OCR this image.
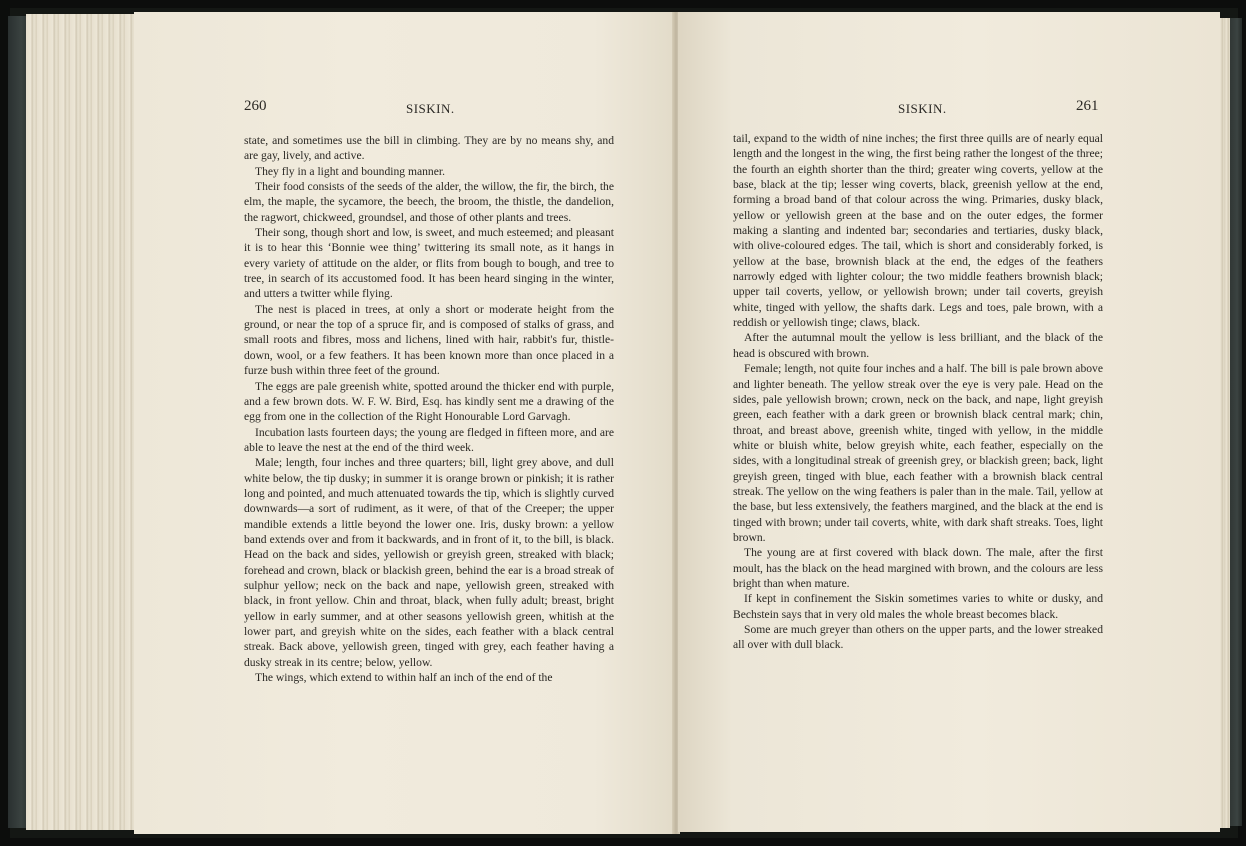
260	SISKIN.

state, and sometimes use the bill in climbing. They are by no means shy, and are gay, lively, and active.

They fly in a light and bounding manner.

Their food consists of the seeds of the alder, the willow, the fir, the birch, the elm, the maple, the sycamore, the beech, the broom, the thistle, the dandelion, the ragwort, chickweed, groundsel, and those of other plants and trees.

Their song, though short and low, is sweet, and much esteemed; and pleasant it is to hear this ‘Bonnie wee thing’ twittering its small note, as it hangs in every variety of attitude on the alder, or flits from bough to bough, and tree to tree, in search of its accustomed food. It has been heard singing in the winter, and utters a twitter while flying.

The nest is placed in trees, at only a short or moderate height from the ground, or near the top of a spruce fir, and is composed of stalks of grass, and small roots and fibres, moss and lichens, lined with hair, rabbit's fur, thistle-down, wool, or a few feathers. It has been known more than once placed in a furze bush within three feet of the ground.

The eggs are pale greenish white, spotted around the thicker end with purple, and a few brown dots. W. F. W. Bird, Esq. has kindly sent me a drawing of the egg from one in the collection of the Right Honourable Lord Garvagh.

Incubation lasts fourteen days; the young are fledged in fifteen more, and are able to leave the nest at the end of the third week.

Male; length, four inches and three quarters; bill, light grey above, and dull white below, the tip dusky; in summer it is orange brown or pinkish; it is rather long and pointed, and much attenuated towards the tip, which is slightly curved downwards—a sort of rudiment, as it were, of that of the Creeper; the upper mandible extends a little beyond the lower one. Iris, dusky brown: a yellow band extends over and from it backwards, and in front of it, to the bill, is black. Head on the back and sides, yellowish or greyish green, streaked with black; forehead and crown, black or blackish green, behind the ear is a broad streak of sulphur yellow; neck on the back and nape, yellowish green, streaked with black, in front yellow. Chin and throat, black, when fully adult; breast, bright yellow in early summer, and at other seasons yellowish green, whitish at the lower part, and greyish white on the sides, each feather with a black central streak. Back above, yellowish green, tinged with grey, each feather having a dusky streak in its centre; below, yellow.

The wings, which extend to within half an inch of the end of the

SISKIN.	261

tail, expand to the width of nine inches; the first three quills are of nearly equal length and the longest in the wing, the first being rather the longest of the three; the fourth an eighth shorter than the third; greater wing coverts, yellow at the base, black at the tip; lesser wing coverts, black, greenish yellow at the end, forming a broad band of that colour across the wing. Primaries, dusky black, yellow or yellowish green at the base and on the outer edges, the former making a slanting and indented bar; secondaries and tertiaries, dusky black, with olive-coloured edges. The tail, which is short and considerably forked, is yellow at the base, brownish black at the end, the edges of the feathers narrowly edged with lighter colour; the two middle feathers brownish black; upper tail coverts, yellow, or yellowish brown; under tail coverts, greyish white, tinged with yellow, the shafts dark. Legs and toes, pale brown, with a reddish or yellowish tinge; claws, black.

After the autumnal moult the yellow is less brilliant, and the black of the head is obscured with brown.

Female; length, not quite four inches and a half. The bill is pale brown above and lighter beneath. The yellow streak over the eye is very pale. Head on the sides, pale yellowish brown; crown, neck on the back, and nape, light greyish green, each feather with a dark green or brownish black central mark; chin, throat, and breast above, greenish white, tinged with yellow, in the middle white or bluish white, below greyish white, each feather, especially on the sides, with a longitudinal streak of greenish grey, or blackish green; back, light greyish green, tinged with blue, each feather with a brownish black central streak. The yellow on the wing feathers is paler than in the male. Tail, yellow at the base, but less extensively, the feathers margined, and the black at the end is tinged with brown; under tail coverts, white, with dark shaft streaks. Toes, light brown.

The young are at first covered with black down. The male, after the first moult, has the black on the head margined with brown, and the colours are less bright than when mature.

If kept in confinement the Siskin sometimes varies to white or dusky, and Bechstein says that in very old males the whole breast becomes black.

Some are much greyer than others on the upper parts, and the lower streaked all over with dull black.
